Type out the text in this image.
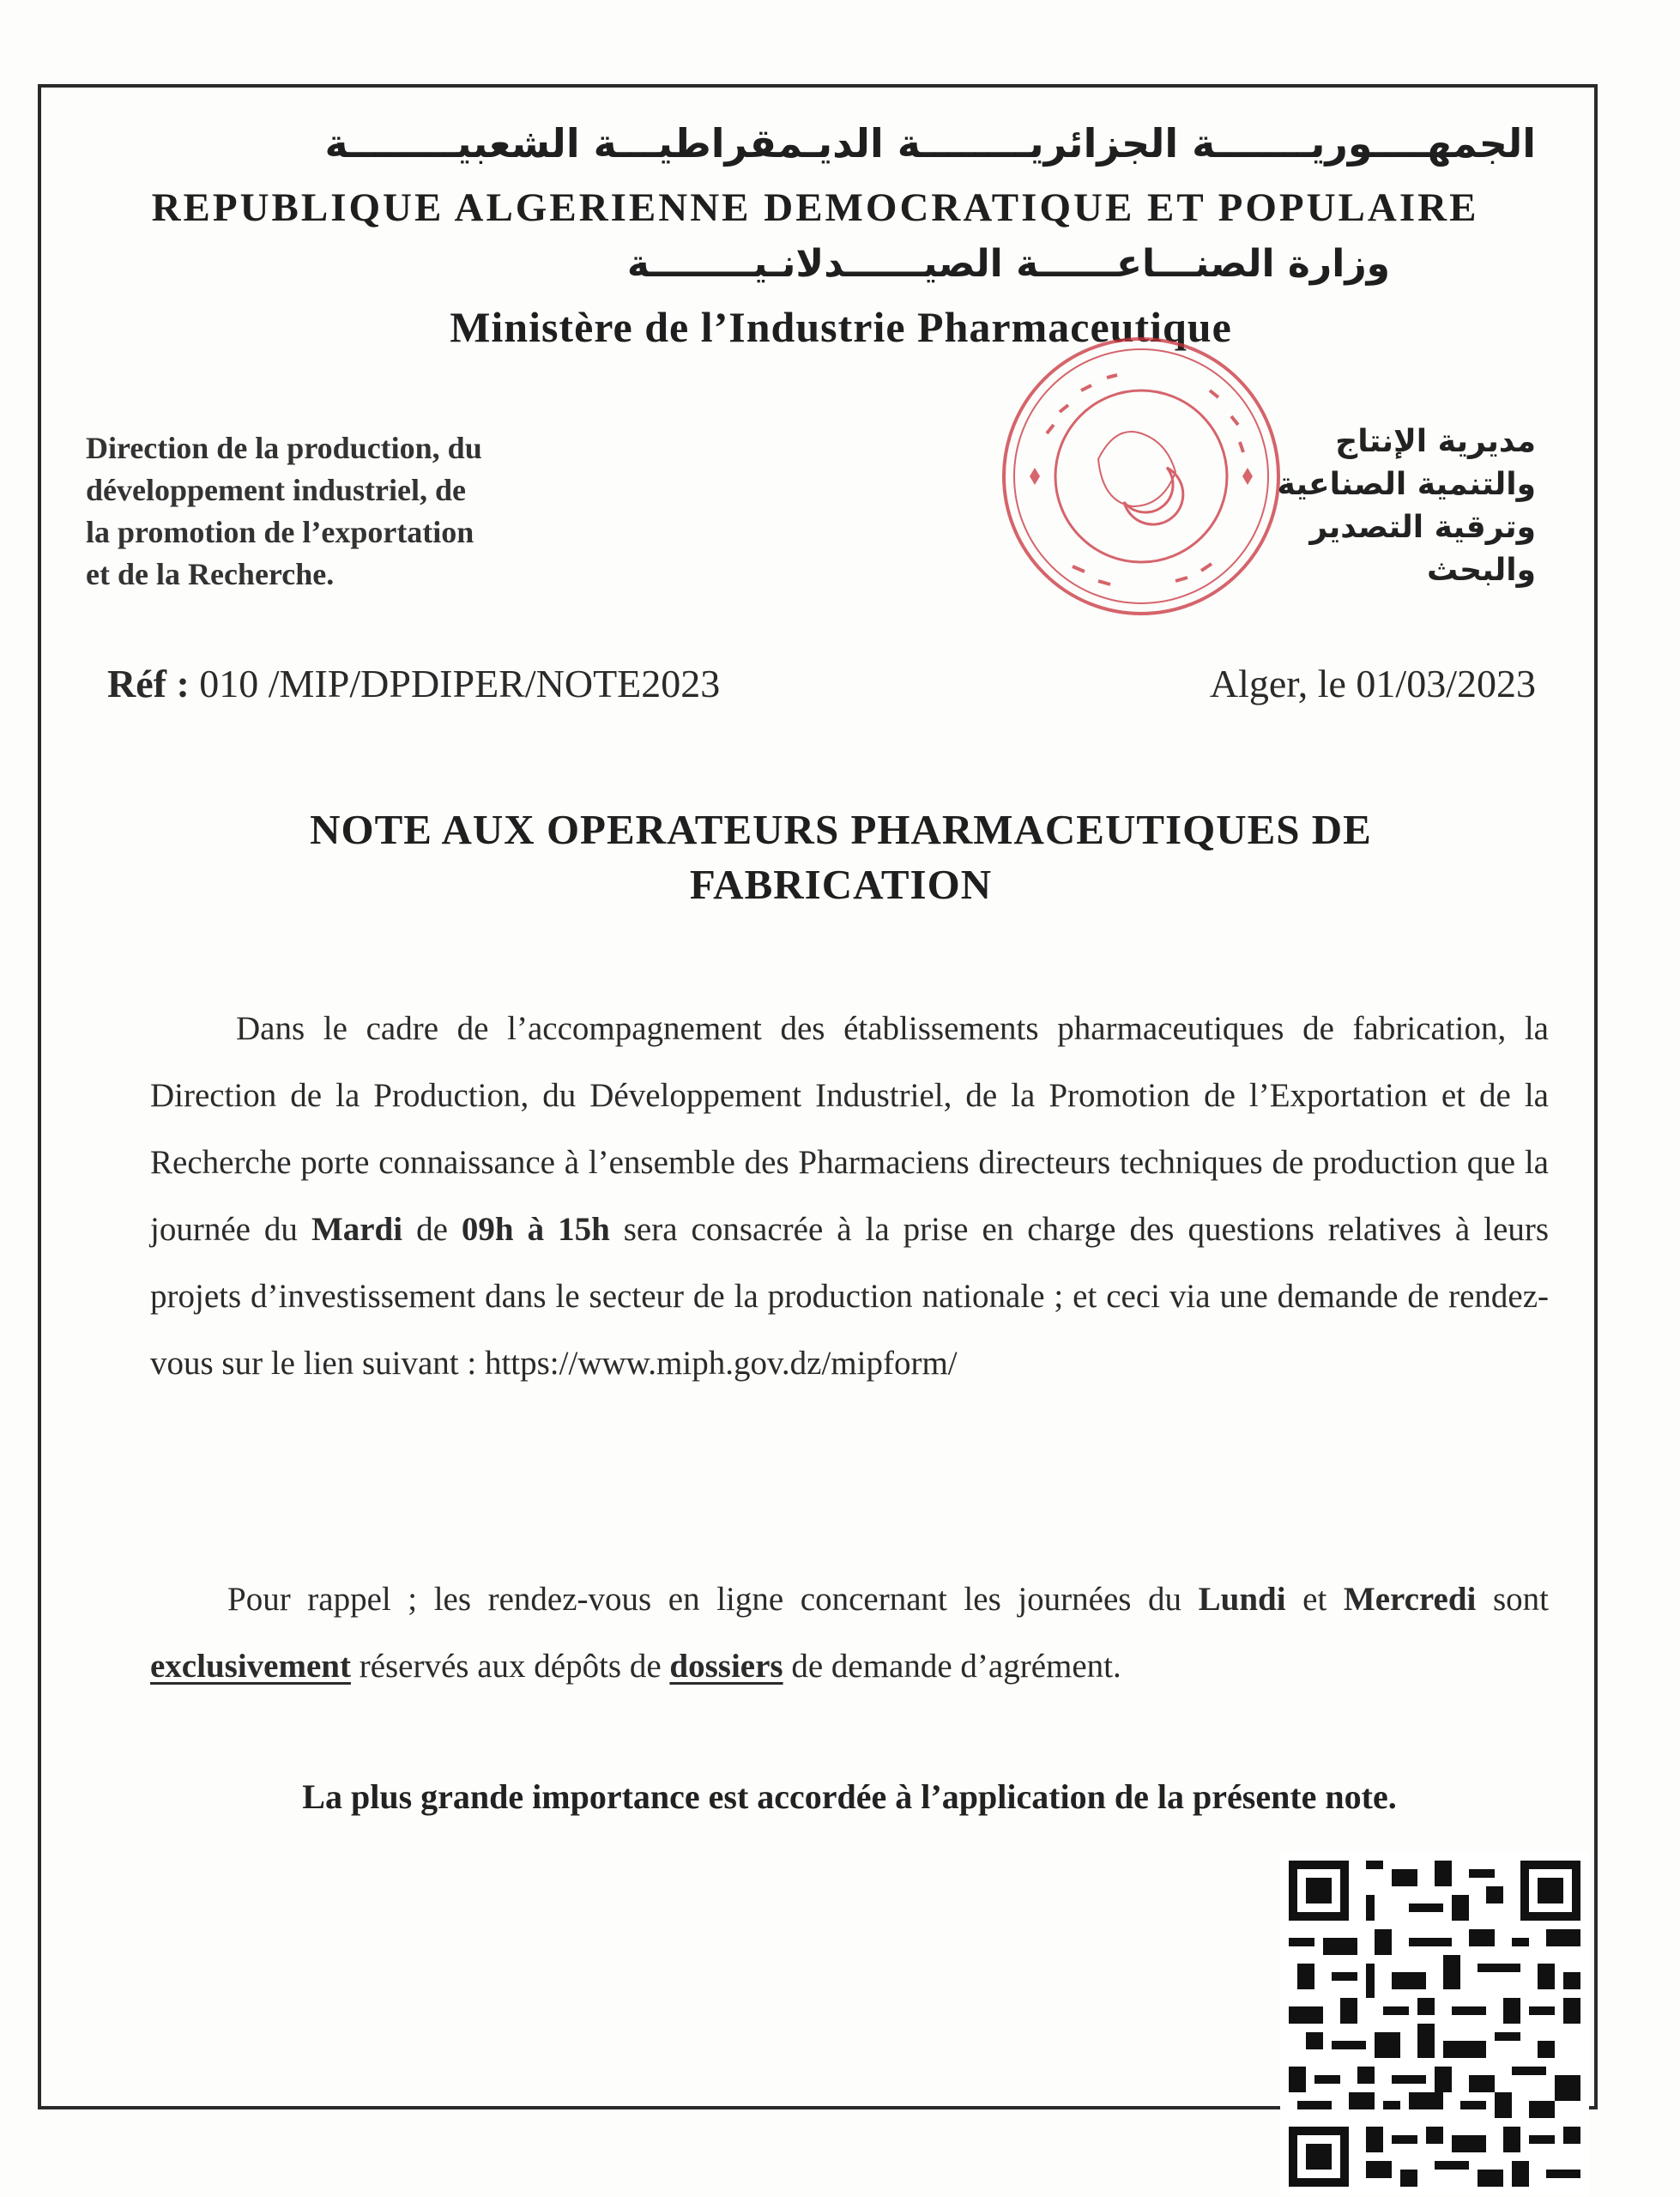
الجمهــــوريـــــــة الجزائريــــــــة الديـمقراطيـــة الشعبيــــــــة
REPUBLIQUE ALGERIENNE DEMOCRATIQUE ET POPULAIRE
وزارة الصنـــاعــــــة الصيــــــدلانـيــــــــة
Ministère de l’Industrie Pharmaceutique
Direction de la production, du
développement industriel, de
la promotion de l’exportation
et de la Recherche.
مديرية الإنتاج
والتنمية الصناعية
وترقية التصدير والبحث
Réf : 010 /MIP/DPDIPER/NOTE2023	Alger, le 01/03/2023
NOTE AUX OPERATEURS PHARMACEUTIQUES DE
FABRICATION
Dans le cadre de l’accompagnement des établissements pharmaceutiques de fabrication, la Direction de la Production, du Développement Industriel, de la Promotion de l’Exportation et de la Recherche porte connaissance à l’ensemble des Pharmaciens directeurs techniques de production que la journée du Mardi de 09h à 15h sera consacrée à la prise en charge des questions relatives à leurs projets d’investissement dans le secteur de la production nationale ; et ceci via une demande de rendez-vous sur le lien suivant : https://www.miph.gov.dz/mipform/
Pour rappel ; les rendez-vous en ligne concernant les journées du Lundi et Mercredi sont exclusivement réservés aux dépôts de dossiers de demande d’agrément.
La plus grande importance est accordée à l’application de la présente note.
